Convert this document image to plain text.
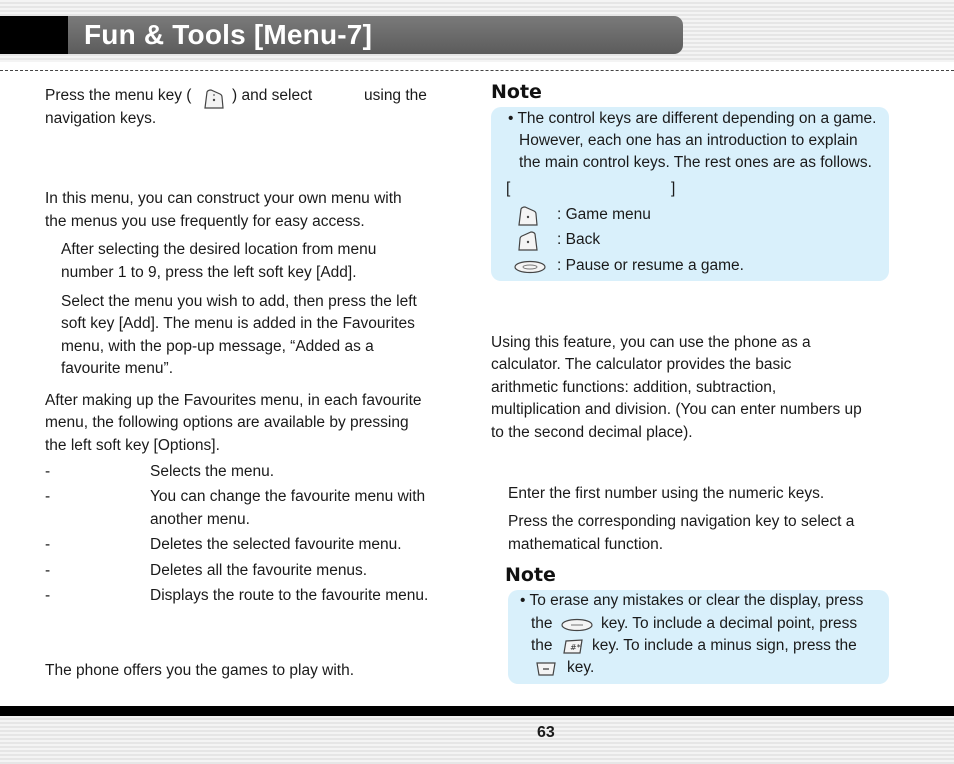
Fun & Tools [Menu-7]
Press the menu key (	) and select	using the
navigation keys.
In this menu, you can construct your own menu with
the menus you use frequently for easy access.
After selecting the desired location from menu
number 1 to 9, press the left soft key [Add].
Select the menu you wish to add, then press the left
soft key [Add]. The menu is added in the Favourites
menu, with the pop-up message, “Added as a
favourite menu”.
After making up the Favourites menu, in each favourite
menu, the following options are available by pressing
the left soft key [Options].
-	Selects the menu.
-	You can change the favourite menu with
another menu.
-	Deletes the selected favourite menu.
-	Deletes all the favourite menus.
-	Displays the route to the favourite menu.
The phone offers you the games to play with.
Note
• The control keys are different depending on a game.
However, each one has an introduction to explain
the main control keys. The rest ones are as follows.
[	]
: Game menu
: Back
: Pause or resume a game.
Using this feature, you can use the phone as a
calculator. The calculator provides the basic
arithmetic functions: addition, subtraction,
multiplication and division. (You can enter numbers up
to the second decimal place).
Enter the first number using the numeric keys.
Press the corresponding navigation key to select a
mathematical function.
Note
• To erase any mistakes or clear the display, press
the	key. To include a decimal point, press
the #* key. To include a minus sign, press the
key.
63
